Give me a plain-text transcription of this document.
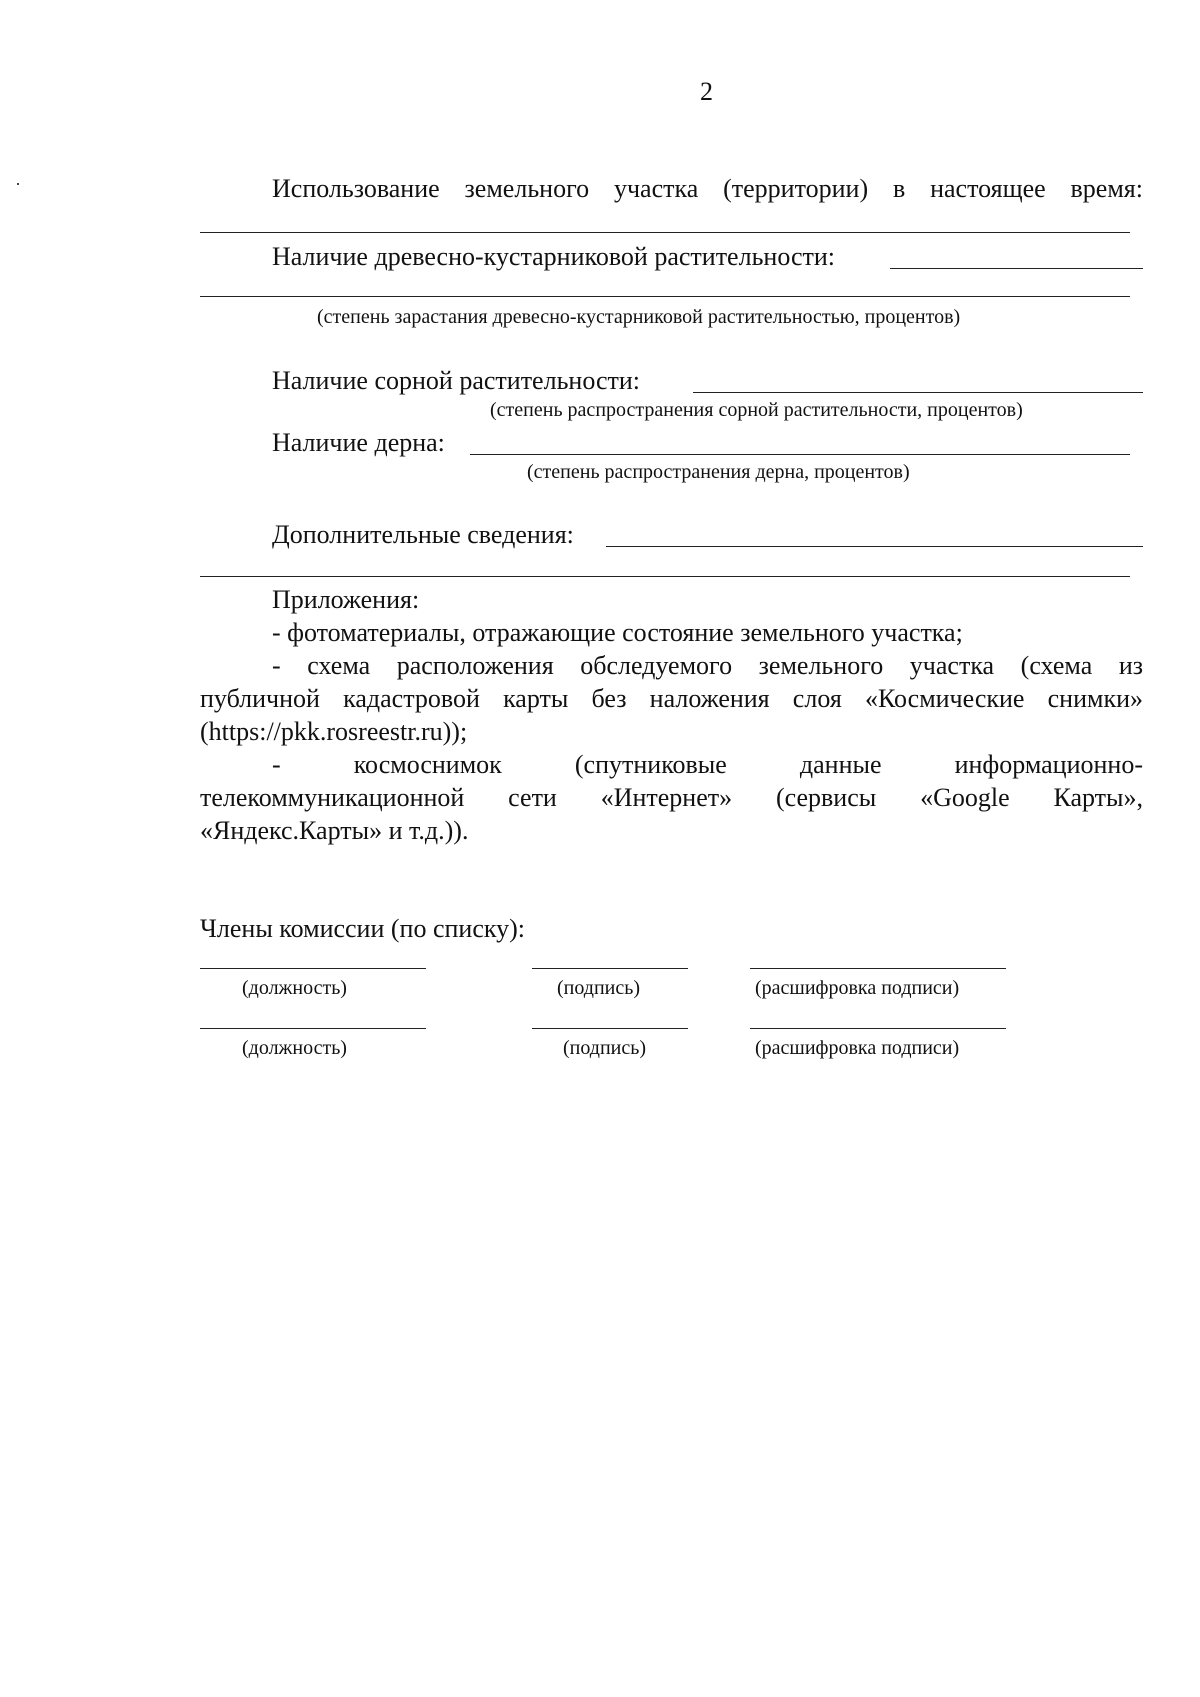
2
Использование земельного участка (территории) в настоящее время:
Наличие древесно-кустарниковой растительности:
(степень зарастания древесно-кустарниковой растительностью, процентов)
Наличие сорной растительности:
(степень распространения сорной растительности, процентов)
Наличие дерна:
(степень распространения дерна, процентов)
Дополнительные сведения:
Приложения:
- фотоматериалы, отражающие состояние земельного участка;
- схема расположения обследуемого земельного участка (схема из
публичной кадастровой карты без наложения слоя «Космические снимки»
(https://pkk.rosreestr.ru));
- космоснимок (спутниковые данные информационно-
телекоммуникационной сети «Интернет» (сервисы «Google Карты»,
«Яндекс.Карты» и т.д.)).
Члены комиссии (по списку):
(должность)	(подпись)	(расшифровка подписи)
(должность)	(подпись)	(расшифровка подписи)
